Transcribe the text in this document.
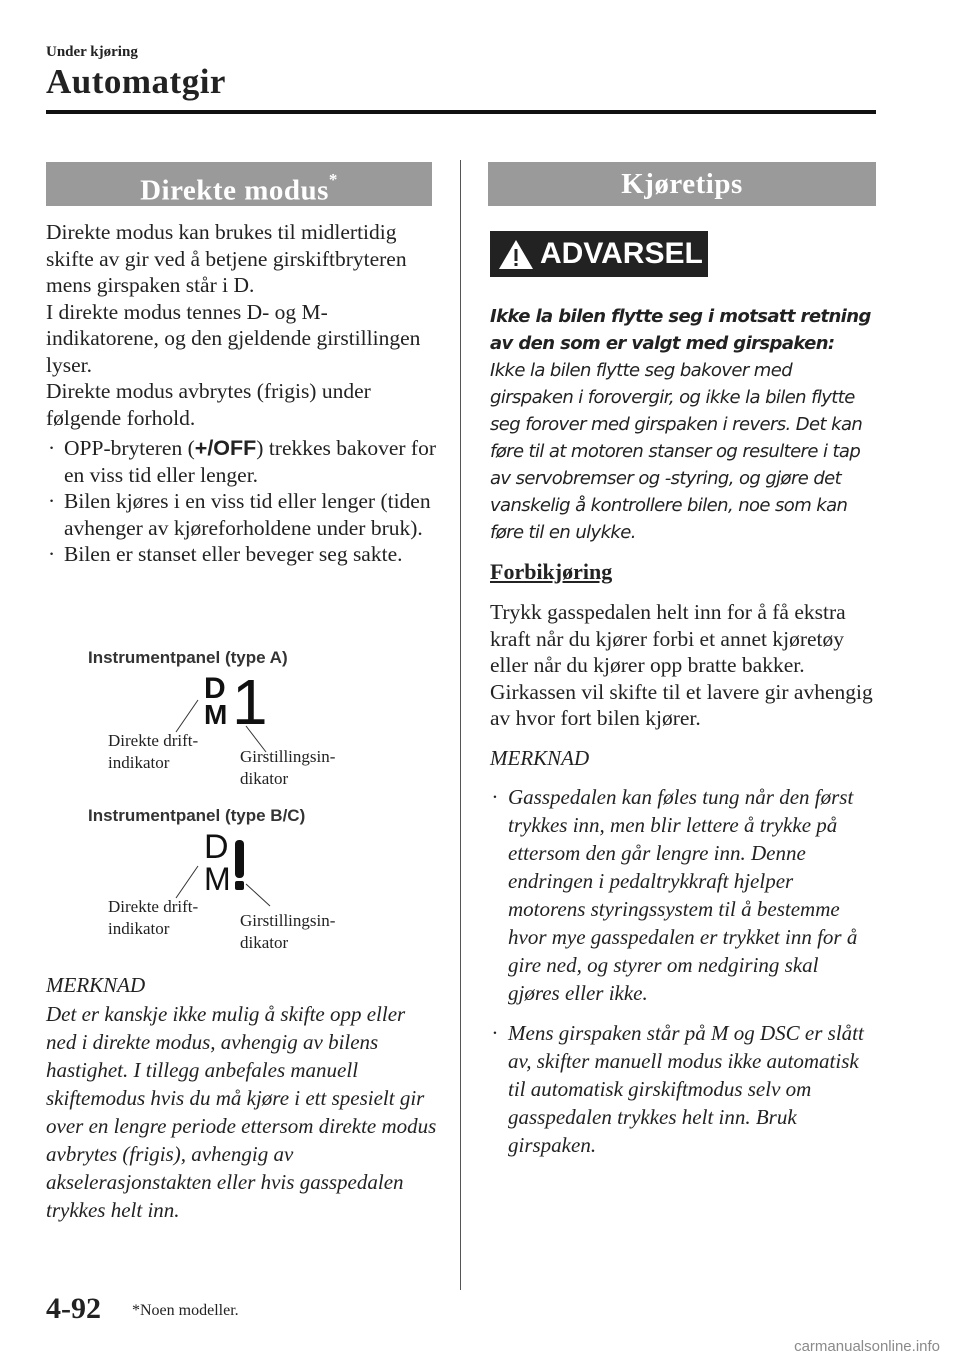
Under kjøring
Automatgir
Direkte modus*
Direkte modus kan brukes til midlertidig skifte av gir ved å betjene girskiftbryteren mens girspaken står i D.
I direkte modus tennes D- og M-indikatorene, og den gjeldende girstillingen lyser.
Direkte modus avbrytes (frigis) under følgende forhold.
· OPP-bryteren (+/OFF) trekkes bakover for en viss tid eller lenger.
· Bilen kjøres i en viss tid eller lenger (tiden avhenger av kjøreforholdene under bruk).
· Bilen er stanset eller beveger seg sakte.
Instrumentpanel (type A)
D
M 1
Direkte drift-indikator	Girstillingsin-dikator
Instrumentpanel (type B/C)
D
M
Direkte drift-indikator	Girstillingsin-dikator
MERKNAD
Det er kanskje ikke mulig å skifte opp eller ned i direkte modus, avhengig av bilens hastighet. I tillegg anbefales manuell skiftemodus hvis du må kjøre i ett spesielt gir over en lengre periode ettersom direkte modus avbrytes (frigis), avhengig av akselerasjonstakten eller hvis gasspedalen trykkes helt inn.
Kjøretips
ADVARSEL
Ikke la bilen flytte seg i motsatt retning av den som er valgt med girspaken:
Ikke la bilen flytte seg bakover med girspaken i forovergir, og ikke la bilen flytte seg forover med girspaken i revers. Det kan føre til at motoren stanser og resultere i tap av servobremser og -styring, og gjøre det vanskelig å kontrollere bilen, noe som kan føre til en ulykke.
Forbikjøring
Trykk gasspedalen helt inn for å få ekstra kraft når du kjører forbi et annet kjøretøy eller når du kjører opp bratte bakker. Girkassen vil skifte til et lavere gir avhengig av hvor fort bilen kjører.
MERKNAD
· Gasspedalen kan føles tung når den først trykkes inn, men blir lettere å trykke på ettersom den går lengre inn. Denne endringen i pedaltrykkraft hjelper motorens styringssystem til å bestemme hvor mye gasspedalen er trykket inn for å gire ned, og styrer om nedgiring skal gjøres eller ikke.
· Mens girspaken står på M og DSC er slått av, skifter manuell modus ikke automatisk til automatisk girskiftmodus selv om gasspedalen trykkes helt inn. Bruk girspaken.
4-92 *Noen modeller.
carmanualsonline.info
